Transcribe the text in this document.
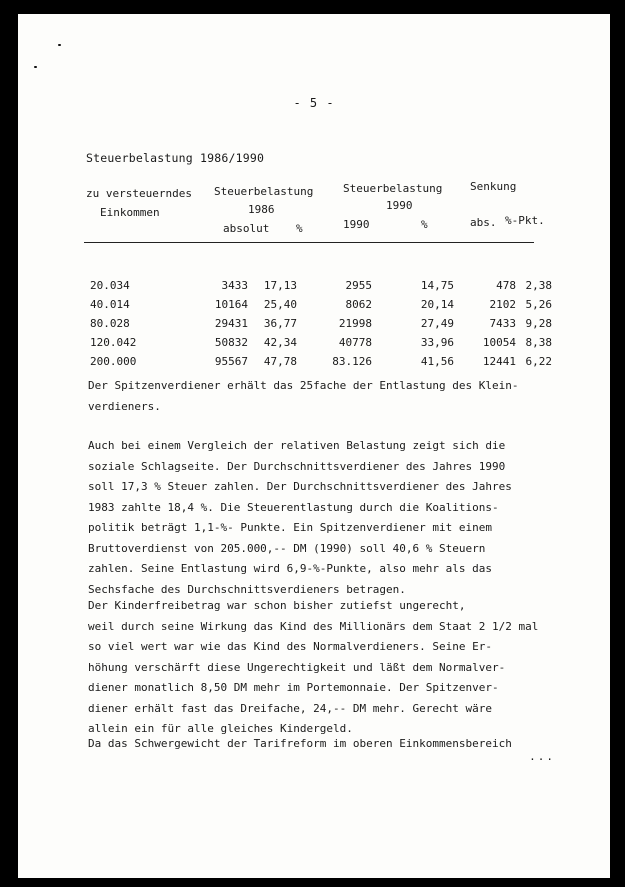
- 5 -
Steuerbelastung 1986/1990
zu versteuerndes
Einkommen
Steuerbelastung
1986
absolut %
Steuerbelastung
1990
1990	%
Senkung
abs. %-Pkt.
20.034	3433 17,13	2955	14,75	478 2,38
40.014	10164 25,40	8062	20,14	2102 5,26
80.028	29431 36,77	21998	27,49	7433 9,28
120.042	50832 42,34	40778	33,96	10054 8,38
200.000	95567 47,78	83.126	41,56	12441 6,22
Der Spitzenverdiener erhält das 25fache der Entlastung des Klein-
verdieners.
Auch bei einem Vergleich der relativen Belastung zeigt sich die
soziale Schlagseite. Der Durchschnittsverdiener des Jahres 1990
soll 17,3 % Steuer zahlen. Der Durchschnittsverdiener des Jahres
1983 zahlte 18,4 %. Die Steuerentlastung durch die Koalitions-
politik beträgt 1,1-%- Punkte. Ein Spitzenverdiener mit einem
Bruttoverdienst von 205.000,-- DM (1990) soll 40,6 % Steuern
zahlen. Seine Entlastung wird 6,9-%-Punkte, also mehr als das
Sechsfache des Durchschnittsverdieners betragen.
Der Kinderfreibetrag war schon bisher zutiefst ungerecht,
weil durch seine Wirkung das Kind des Millionärs dem Staat 2 1/2 mal
so viel wert war wie das Kind des Normalverdieners. Seine Er-
höhung verschärft diese Ungerechtigkeit und läßt dem Normalver-
diener monatlich 8,50 DM mehr im Portemonnaie. Der Spitzenver-
diener erhält fast das Dreifache, 24,-- DM mehr. Gerecht wäre
allein ein für alle gleiches Kindergeld.
Da das Schwergewicht der Tarifreform im oberen Einkommensbereich
...
